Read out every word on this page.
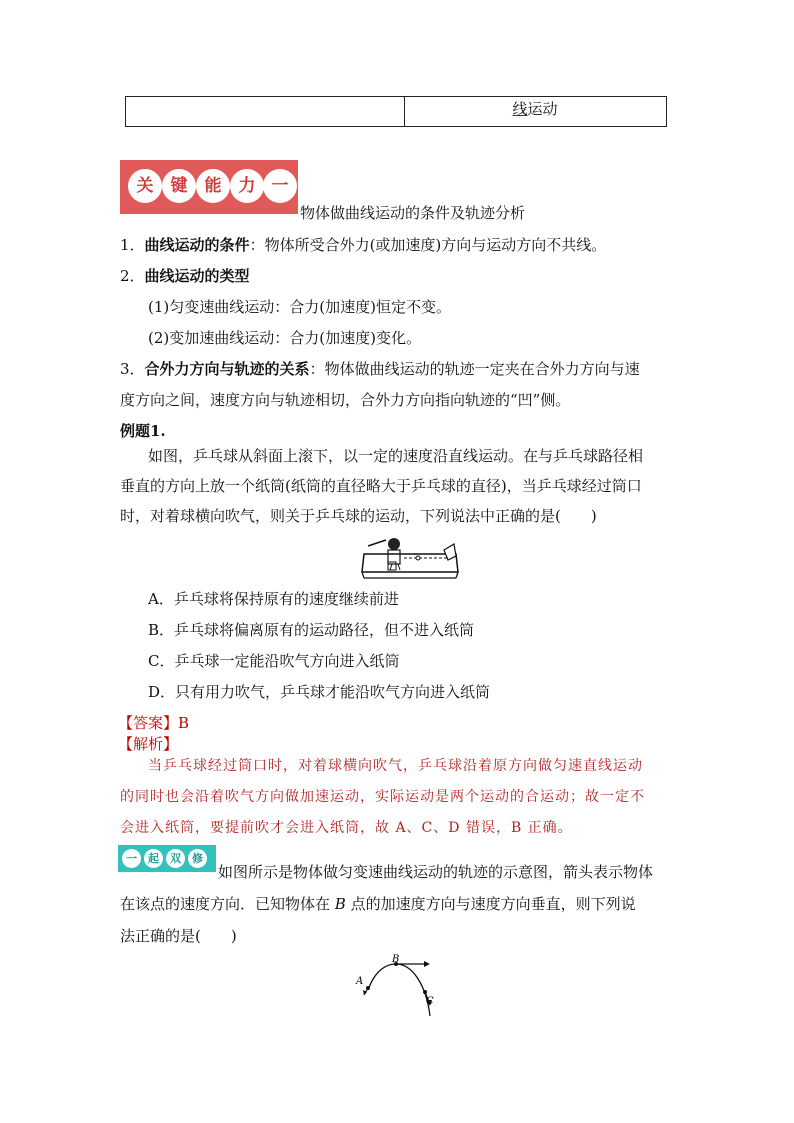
线运动
关	键	能	力 一
物体做曲线运动的条件及轨迹分析
1．曲线运动的条件：物体所受合外力(或加速度)方向与运动方向不共线。
2．曲线运动的类型
(1)匀变速曲线运动：合力(加速度)恒定不变。
(2)变加速曲线运动：合力(加速度)变化。
3．合外力方向与轨迹的关系：物体做曲线运动的轨迹一定夹在合外力方向与速
度方向之间，速度方向与轨迹相切，合外力方向指向轨迹的“凹”侧。
例题1.
如图，乒乓球从斜面上滚下，以一定的速度沿直线运动。在与乒乓球路径相
垂直的方向上放一个纸筒(纸筒的直径略大于乒乓球的直径)，当乒乓球经过筒口
时，对着球横向吹气，则关于乒乓球的运动，下列说法中正确的是(　　)
A．乒乓球将保持原有的速度继续前进
B．乒乓球将偏离原有的运动路径，但不进入纸筒
C．乒乓球一定能沿吹气方向进入纸筒
D．只有用力吹气，乒乓球才能沿吹气方向进入纸筒
【答案】B
【解析】
当乒乓球经过筒口时，对着球横向吹气，乒乓球沿着原方向做匀速直线运动
的同时也会沿着吹气方向做加速运动，实际运动是两个运动的合运动；故一定不
会进入纸筒，要提前吹才会进入纸筒，故 A、C、D 错误，B 正确。
一	起	双	修
如图所示是物体做匀变速曲线运动的轨迹的示意图，箭头表示物体
在该点的速度方向．已知物体在 B 点的加速度方向与速度方向垂直，则下列说
法正确的是(　　)
A
B
C
